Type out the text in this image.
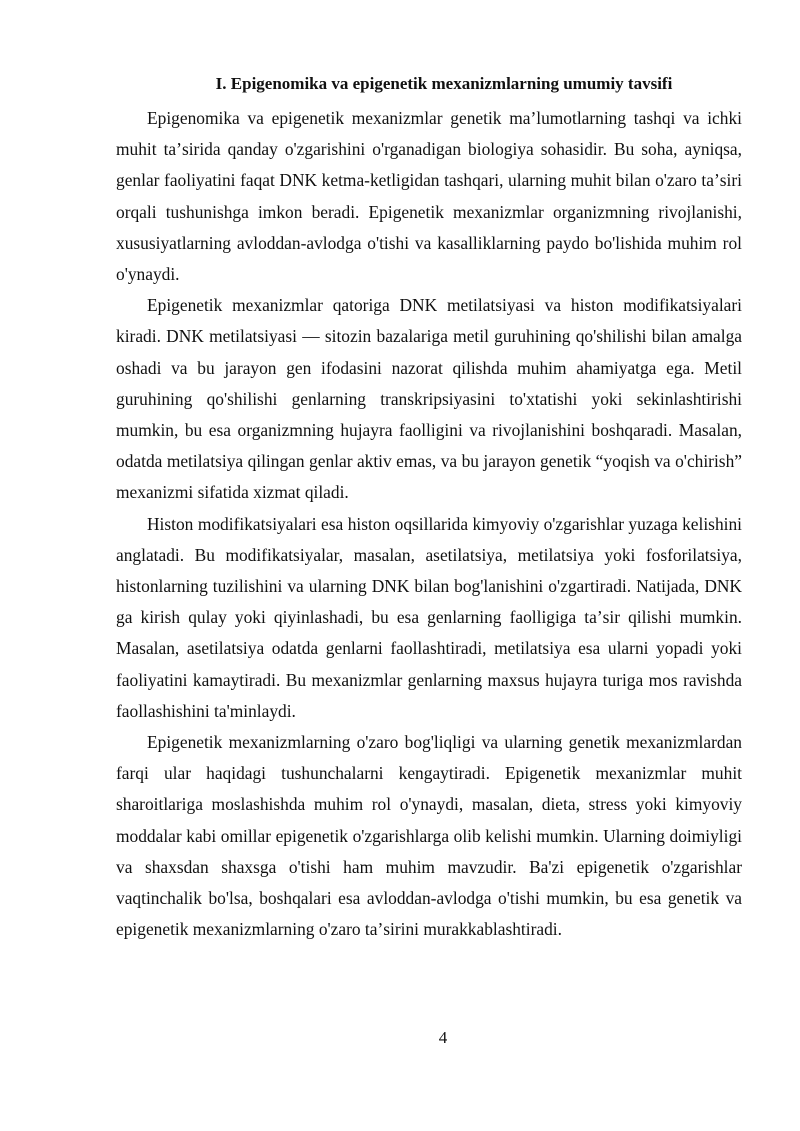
I. Epigenomika va epigenetik mexanizmlarning umumiy tavsifi

Epigenomika va epigenetik mexanizmlar genetik maʼlumotlarning tashqi va ichki muhit taʼsirida qanday o'zgarishini o'rganadigan biologiya sohasidir. Bu soha, ayniqsa, genlar faoliyatini faqat DNK ketma-ketligidan tashqari, ularning muhit bilan o'zaro taʼsiri orqali tushunishga imkon beradi. Epigenetik mexanizmlar organizmning rivojlanishi, xususiyatlarning avloddan-avlodga o'tishi va kasalliklarning paydo bo'lishida muhim rol o'ynaydi.

Epigenetik mexanizmlar qatoriga DNK metilatsiyasi va histon modifikatsiyalari kiradi. DNK metilatsiyasi — sitozin bazalariga metil guruhining qo'shilishi bilan amalga oshadi va bu jarayon gen ifodasini nazorat qilishda muhim ahamiyatga ega. Metil guruhining qo'shilishi genlarning transkripsiyasini to'xtatishi yoki sekinlashtirishi mumkin, bu esa organizmning hujayra faolligini va rivojlanishini boshqaradi. Masalan, odatda metilatsiya qilingan genlar aktiv emas, va bu jarayon genetik “yoqish va o'chirish” mexanizmi sifatida xizmat qiladi.

Histon modifikatsiyalari esa histon oqsillarida kimyoviy o'zgarishlar yuzaga kelishini anglatadi. Bu modifikatsiyalar, masalan, asetilatsiya, metilatsiya yoki fosforilatsiya, histonlarning tuzilishini va ularning DNK bilan bog'lanishini o'zgartiradi. Natijada, DNK ga kirish qulay yoki qiyinlashadi, bu esa genlarning faolligiga taʼsir qilishi mumkin. Masalan, asetilatsiya odatda genlarni faollashtiradi, metilatsiya esa ularni yopadi yoki faoliyatini kamaytiradi. Bu mexanizmlar genlarning maxsus hujayra turiga mos ravishda faollashishini ta'minlaydi.

Epigenetik mexanizmlarning o'zaro bog'liqligi va ularning genetik mexanizmlardan farqi ular haqidagi tushunchalarni kengaytiradi. Epigenetik mexanizmlar muhit sharoitlariga moslashishda muhim rol o'ynaydi, masalan, dieta, stress yoki kimyoviy moddalar kabi omillar epigenetik o'zgarishlarga olib kelishi mumkin. Ularning doimiyligi va shaxsdan shaxsga o'tishi ham muhim mavzudir. Ba'zi epigenetik o'zgarishlar vaqtinchalik bo'lsa, boshqalari esa avloddan-avlodga o'tishi mumkin, bu esa genetik va epigenetik mexanizmlarning o'zaro taʼsirini murakkablashtiradi.

4
